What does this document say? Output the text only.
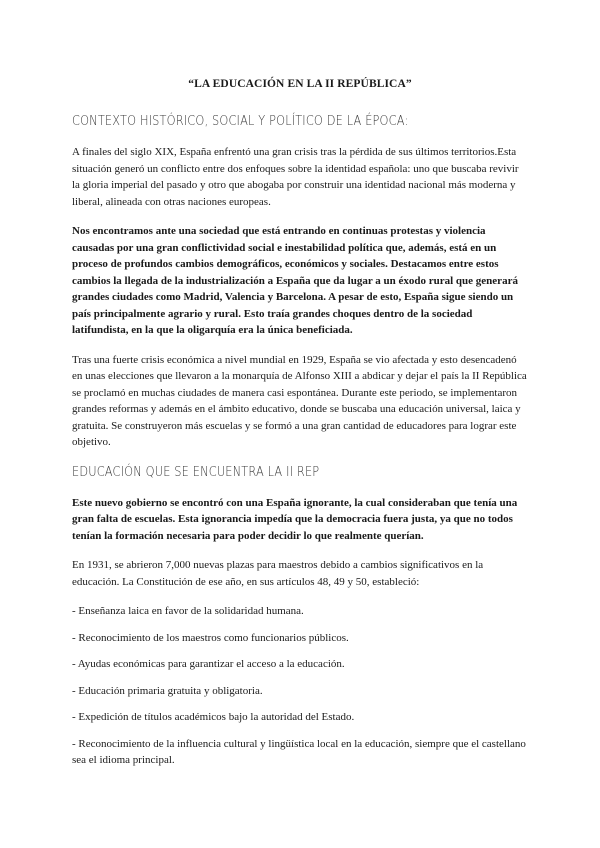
“LA EDUCACIÓN EN LA II REPÚBLICA”
CONTEXTO HISTÓRICO, SOCIAL Y POLÍTICO DE LA ÉPOCA:

A finales del siglo XIX, España enfrentó una gran crisis tras la pérdida de sus últimos territorios.Esta situación generó un conflicto entre dos enfoques sobre la identidad española: uno que buscaba revivir la gloria imperial del pasado y otro que abogaba por construir una identidad nacional más moderna y liberal, alineada con otras naciones europeas.

Nos encontramos ante una sociedad que está entrando en continuas protestas y violencia causadas por una gran conflictividad social e inestabilidad política que, además, está en un proceso de profundos cambios demográficos, económicos y sociales. Destacamos entre estos cambios la llegada de la industrialización a España que da lugar a un éxodo rural que generará grandes ciudades como Madrid, Valencia y Barcelona. A pesar de esto, España sigue siendo un país principalmente agrario y rural. Esto traía grandes choques dentro de la sociedad latifundista, en la que la oligarquía era la única beneficiada.

Tras una fuerte crisis económica a nivel mundial en 1929, España se vio afectada y esto desencadenó en unas elecciones que llevaron a la monarquía de Alfonso XIII a abdicar y dejar el país la II República se proclamó en muchas ciudades de manera casi espontánea. Durante este periodo, se implementaron grandes reformas y además en el ámbito educativo, donde se buscaba una educación universal, laica y gratuita. Se construyeron más escuelas y se formó a una gran cantidad de educadores para lograr este objetivo.

EDUCACIÓN QUE SE ENCUENTRA LA II REP

Este nuevo gobierno se encontró con una España ignorante, la cual consideraban que tenía una gran falta de escuelas. Esta ignorancia impedía que la democracia fuera justa, ya que no todos tenían la formación necesaria para poder decidir lo que realmente querían.

En 1931, se abrieron 7,000 nuevas plazas para maestros debido a cambios significativos en la educación. La Constitución de ese año, en sus artículos 48, 49 y 50, estableció:

- Enseñanza laica en favor de la solidaridad humana.

- Reconocimiento de los maestros como funcionarios públicos.

- Ayudas económicas para garantizar el acceso a la educación.

- Educación primaria gratuita y obligatoria.

- Expedición de títulos académicos bajo la autoridad del Estado.

- Reconocimiento de la influencia cultural y lingüística local en la educación, siempre que el castellano sea el idioma principal.
